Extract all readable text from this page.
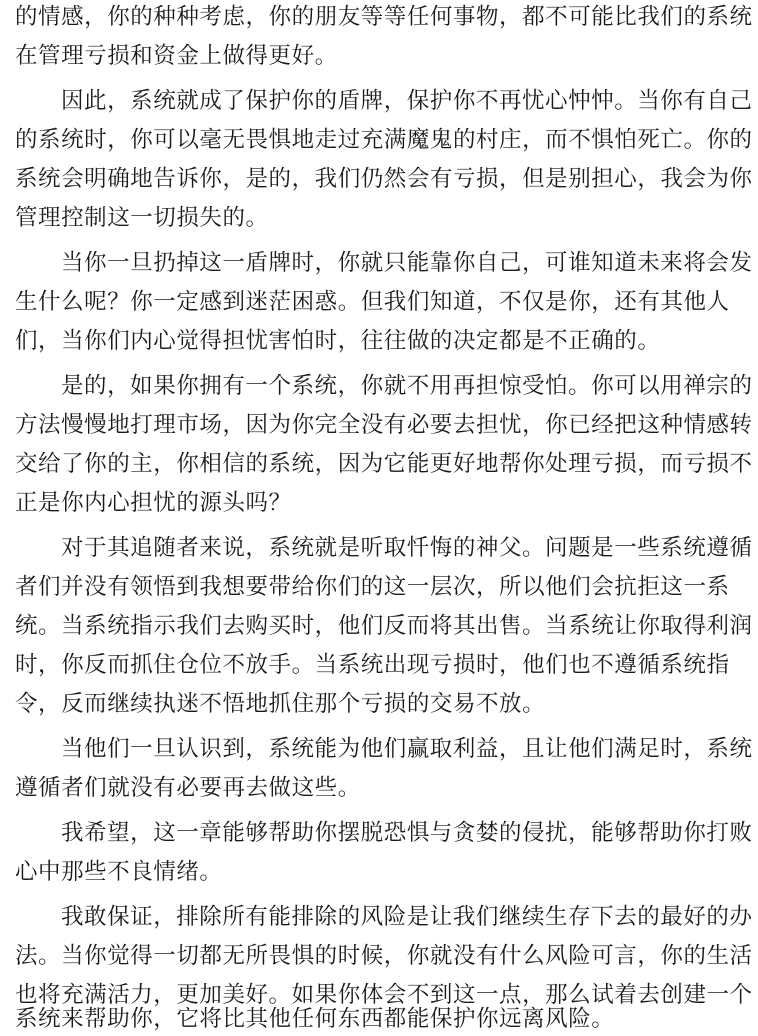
的情感，你的种种考虑，你的朋友等等任何事物，都不可能比我们的系统
在管理亏损和资金上做得更好。
因此，系统就成了保护你的盾牌，保护你不再忧心忡忡。当你有自己
的系统时，你可以毫无畏惧地走过充满魔鬼的村庄，而不惧怕死亡。你的
系统会明确地告诉你，是的，我们仍然会有亏损，但是别担心，我会为你
管理控制这一切损失的。
当你一旦扔掉这一盾牌时，你就只能靠你自己，可谁知道未来将会发
生什么呢？你一定感到迷茫困惑。但我们知道，不仅是你，还有其他人
们，当你们内心觉得担忧害怕时，往往做的决定都是不正确的。
是的，如果你拥有一个系统，你就不用再担惊受怕。你可以用禅宗的
方法慢慢地打理市场，因为你完全没有必要去担忧，你已经把这种情感转
交给了你的主，你相信的系统，因为它能更好地帮你处理亏损，而亏损不
正是你内心担忧的源头吗？
对于其追随者来说，系统就是听取忏悔的神父。问题是一些系统遵循
者们并没有领悟到我想要带给你们的这一层次，所以他们会抗拒这一系
统。当系统指示我们去购买时，他们反而将其出售。当系统让你取得利润
时，你反而抓住仓位不放手。当系统出现亏损时，他们也不遵循系统指
令，反而继续执迷不悟地抓住那个亏损的交易不放。
当他们一旦认识到，系统能为他们赢取利益，且让他们满足时，系统
遵循者们就没有必要再去做这些。
我希望，这一章能够帮助你摆脱恐惧与贪婪的侵扰，能够帮助你打败
心中那些不良情绪。
我敢保证，排除所有能排除的风险是让我们继续生存下去的最好的办
法。当你觉得一切都无所畏惧的时候，你就没有什么风险可言，你的生活
也将充满活力，更加美好。如果你体会不到这一点，那么试着去创建一个
系统来帮助你，它将比其他任何东西都能保护你远离风险。
